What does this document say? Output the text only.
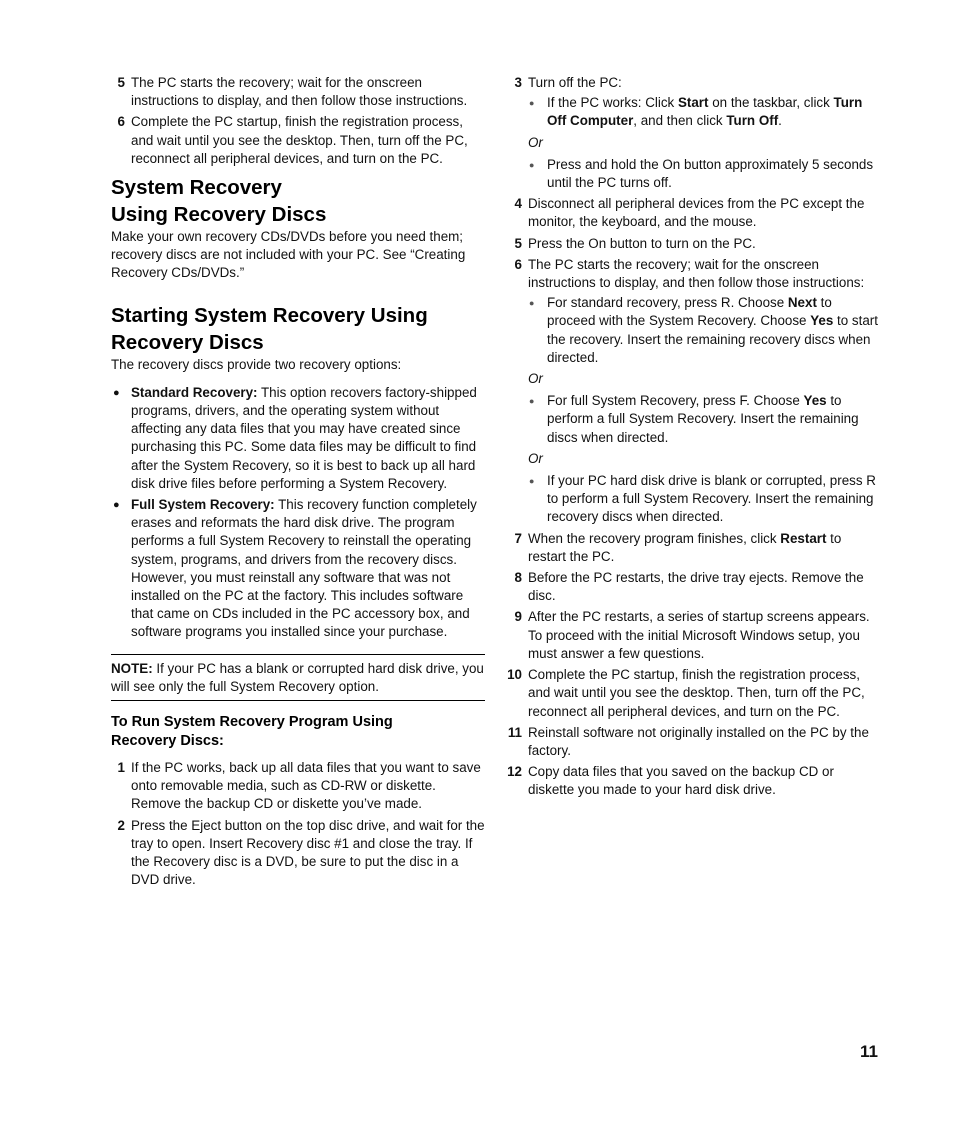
5 The PC starts the recovery; wait for the onscreen instructions to display, and then follow those instructions.
6 Complete the PC startup, finish the registration process, and wait until you see the desktop. Then, turn off the PC, reconnect all peripheral devices, and turn on the PC.
System Recovery
Using Recovery Discs

Make your own recovery CDs/DVDs before you need them; recovery discs are not included with your PC. See “Creating Recovery CDs/DVDs.”

Starting System Recovery Using
Recovery Discs

The recovery discs provide two recovery options:

● Standard Recovery: This option recovers factory-shipped programs, drivers, and the operating system without affecting any data files that you may have created since purchasing this PC. Some data files may be difficult to find after the System Recovery, so it is best to back up all hard disk drive files before performing a System Recovery.
● Full System Recovery: This recovery function completely erases and reformats the hard disk drive. The program performs a full System Recovery to reinstall the operating system, programs, and drivers from the recovery discs. However, you must reinstall any software that was not installed on the PC at the factory. This includes software that came on CDs included in the PC accessory box, and software programs you installed since your purchase.
NOTE: If your PC has a blank or corrupted hard disk drive, you will see only the full System Recovery option.
To Run System Recovery Program Using
Recovery Discs:
1 If the PC works, back up all data files that you want to save onto removable media, such as CD-RW or diskette. Remove the backup CD or diskette you’ve made.
2 Press the Eject button on the top disc drive, and wait for the tray to open. Insert Recovery disc #1 and close the tray. If the Recovery disc is a DVD, be sure to put the disc in a DVD drive.
3 Turn off the PC:
● If the PC works: Click Start on the taskbar, click Turn Off Computer, and then click Turn Off.
Or
● Press and hold the On button approximately 5 seconds until the PC turns off.
4 Disconnect all peripheral devices from the PC except the monitor, the keyboard, and the mouse.
5 Press the On button to turn on the PC.
6 The PC starts the recovery; wait for the onscreen instructions to display, and then follow those instructions:
● For standard recovery, press R. Choose Next to proceed with the System Recovery. Choose Yes to start the recovery. Insert the remaining recovery discs when directed.
Or
● For full System Recovery, press F. Choose Yes to perform a full System Recovery. Insert the remaining discs when directed.
Or
● If your PC hard disk drive is blank or corrupted, press R to perform a full System Recovery. Insert the remaining recovery discs when directed.
7 When the recovery program finishes, click Restart to restart the PC.
8 Before the PC restarts, the drive tray ejects. Remove the disc.
9 After the PC restarts, a series of startup screens appears. To proceed with the initial Microsoft Windows setup, you must answer a few questions.
10 Complete the PC startup, finish the registration process, and wait until you see the desktop. Then, turn off the PC, reconnect all peripheral devices, and turn on the PC.
11 Reinstall software not originally installed on the PC by the factory.
12 Copy data files that you saved on the backup CD or diskette you made to your hard disk drive.
11
